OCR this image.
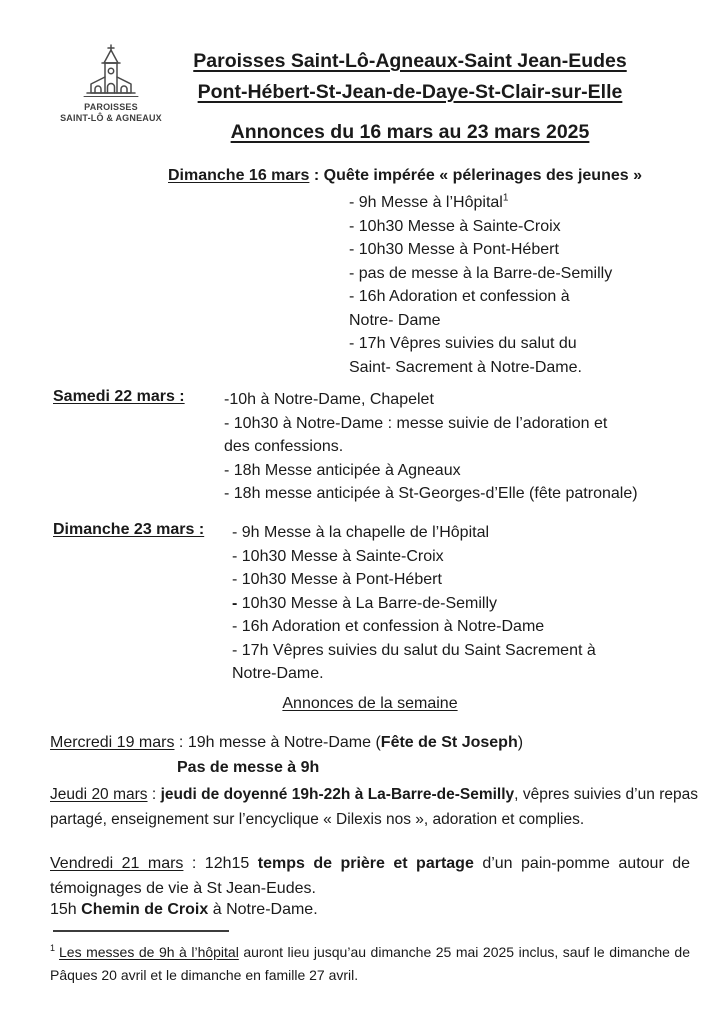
PAROISSES
SAINT-LÔ & AGNEAUX
Paroisses Saint-Lô-Agneaux-Saint Jean-Eudes
Pont-Hébert-St-Jean-de-Daye-St-Clair-sur-Elle
Annonces du 16 mars au 23 mars 2025
Dimanche 16 mars : Quête impérée « pélerinages des jeunes »
- 9h Messe à l’Hôpital$^1$
- 10h30 Messe à Sainte-Croix
- 10h30 Messe à Pont-Hébert
- pas de messe à la Barre-de-Semilly
- 16h Adoration et confession à
Notre- Dame
- 17h Vêpres suivies du salut du
Saint- Sacrement à Notre-Dame.
Samedi 22 mars : -10h à Notre-Dame, Chapelet
- 10h30 à Notre-Dame : messe suivie de l’adoration et
des confessions.
- 18h Messe anticipée à Agneaux
- 18h messe anticipée à St-Georges-d’Elle (fête patronale)
Dimanche 23 mars : - 9h Messe à la chapelle de l’Hôpital
- 10h30 Messe à Sainte-Croix
- 10h30 Messe à Pont-Hébert
- 10h30 Messe à La Barre-de-Semilly
- 16h Adoration et confession à Notre-Dame
- 17h Vêpres suivies du salut du Saint Sacrement à
Notre-Dame.
Annonces de la semaine
Mercredi 19 mars : 19h messe à Notre-Dame (Fête de St Joseph)
Pas de messe à 9h
Jeudi 20 mars : jeudi de doyenné 19h-22h à La-Barre-de-Semilly, vêpres suivies d’un repas partagé, enseignement sur l’encyclique « Dilexis nos », adoration et complies.
Vendredi 21 mars : 12h15 temps de prière et partage d’un pain-pomme autour de témoignages de vie à St Jean-Eudes.
15h Chemin de Croix à Notre-Dame.
$^1$ Les messes de 9h à l’hôpital auront lieu jusqu’au dimanche 25 mai 2025 inclus, sauf le dimanche de Pâques 20 avril et le dimanche en famille 27 avril.
